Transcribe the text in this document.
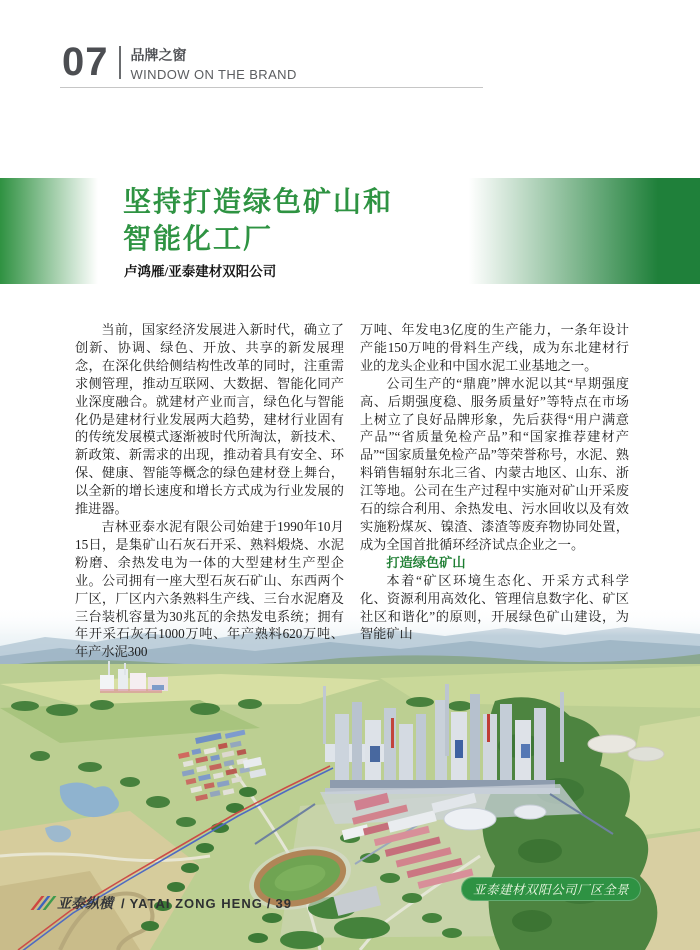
07 品牌之窗
WINDOW ON THE BRAND
坚持打造绿色矿山和
智能化工厂
卢鸿雁/亚泰建材双阳公司

当前，国家经济发展进入新时代，确立了创新、协调、绿色、开放、共享的新发展理念，在深化供给侧结构性改革的同时，注重需求侧管理，推动互联网、大数据、智能化同产业深度融合。就建材产业而言，绿色化与智能化仍是建材行业发展两大趋势，建材行业固有的传统发展模式逐渐被时代所淘汰，新技术、新政策、新需求的出现，推动着具有安全、环保、健康、智能等概念的绿色建材登上舞台，以全新的增长速度和增长方式成为行业发展的推进器。

吉林亚泰水泥有限公司始建于1990年10月15日，是集矿山石灰石开采、熟料煅烧、水泥粉磨、余热发电为一体的大型建材生产型企业。公司拥有一座大型石灰石矿山、东西两个厂区，厂区内六条熟料生产线、三台水泥磨及三台装机容量为30兆瓦的余热发电系统；拥有年开采石灰石1000万吨、年产熟料620万吨、年产水泥300

万吨、年发电3亿度的生产能力，一条年设计产能150万吨的骨料生产线，成为东北建材行业的龙头企业和中国水泥工业基地之一。

公司生产的“鼎鹿”牌水泥以其“早期强度高、后期强度稳、服务质量好”等特点在市场上树立了良好品牌形象，先后获得“用户满意产品”“省质量免检产品”和“国家推荐建材产品”“国家质量免检产品”等荣誉称号，水泥、熟料销售辐射东北三省、内蒙古地区、山东、浙江等地。公司在生产过程中实施对矿山开采废石的综合利用、余热发电、污水回收以及有效实施粉煤灰、镍渣、漆渣等废弃物协同处置，成为全国首批循环经济试点企业之一。

打造绿色矿山

本着“矿区环境生态化、开采方式科学化、资源利用高效化、管理信息数字化、矿区社区和谐化”的原则，开展绿色矿山建设，为智能矿山

亚泰纵横 / YATAI ZONG HENG / 39
亚泰建材双阳公司厂区全景
